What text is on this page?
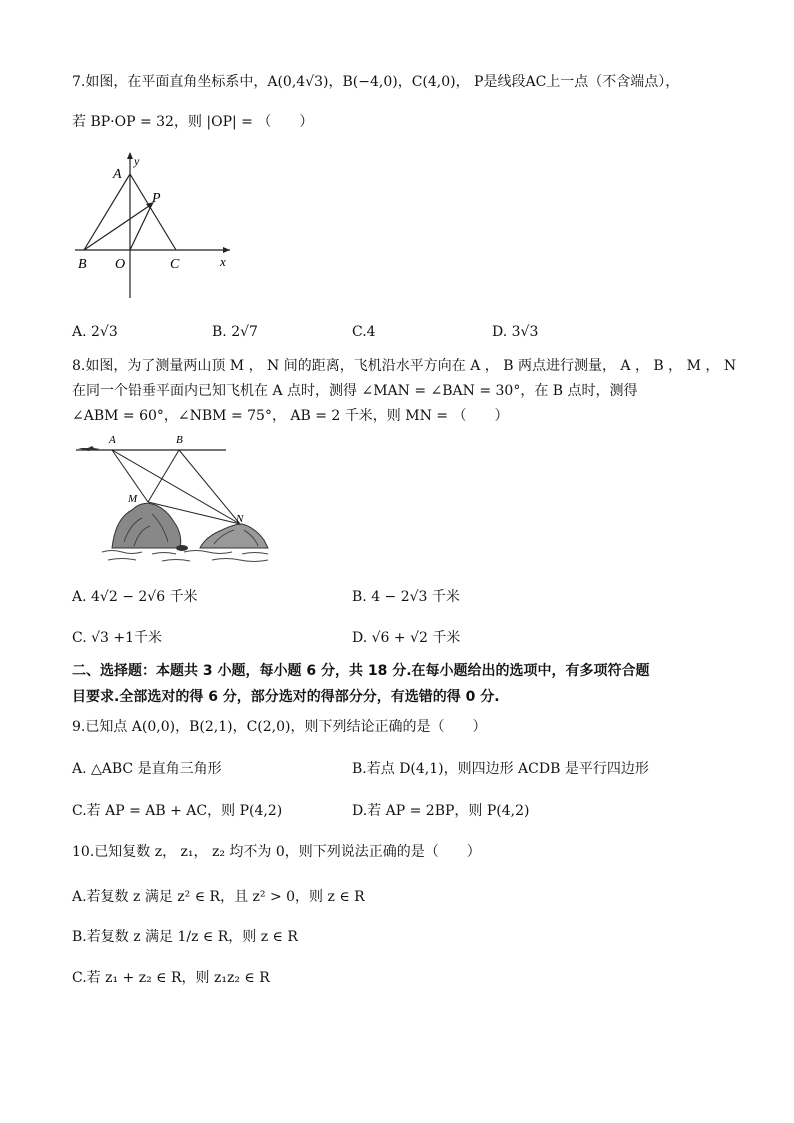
7.如图，在平面直角坐标系中，A(0,4√3)，B(−4,0)，C(4,0)， P是线段AC上一点（不含端点），
若 BP·OP = 32，则 |OP| = （　　）
y
x
A
B O	C
P
A. 2√3	B. 2√7	C.4	D. 3√3
8.如图，为了测量两山顶 M ， N 间的距离，飞机沿水平方向在 A ， B 两点进行测量， A ， B ， M ， N
在同一个铅垂平面内已知飞机在 A 点时，测得 ∠MAN = ∠BAN = 30°，在 B 点时，测得
∠ABM = 60°，∠NBM = 75°， AB = 2 千米，则 MN = （　　）
A	B
M
N
A. 4√2 − 2√6 千米	B. 4 − 2√3 千米
C. √3 +1千米	D. √6 + √2 千米
二、选择题：本题共 3 小题，每小题 6 分，共 18 分.在每小题给出的选项中，有多项符合题
目要求.全部选对的得 6 分，部分选对的得部分分，有选错的得 0 分.
9.已知点 A(0,0)，B(2,1)，C(2,0)，则下列结论正确的是（　　）
A. △ABC 是直角三角形	B.若点 D(4,1)，则四边形 ACDB 是平行四边形
C.若 AP = AB + AC，则 P(4,2)	D.若 AP = 2BP，则 P(4,2)
10.已知复数 z， z₁， z₂ 均不为 0，则下列说法正确的是（　　）
A.若复数 z 满足 z² ∈ R，且 z² > 0，则 z ∈ R
B.若复数 z 满足 1/z ∈ R，则 z ∈ R
C.若 z₁ + z₂ ∈ R，则 z₁z₂ ∈ R
